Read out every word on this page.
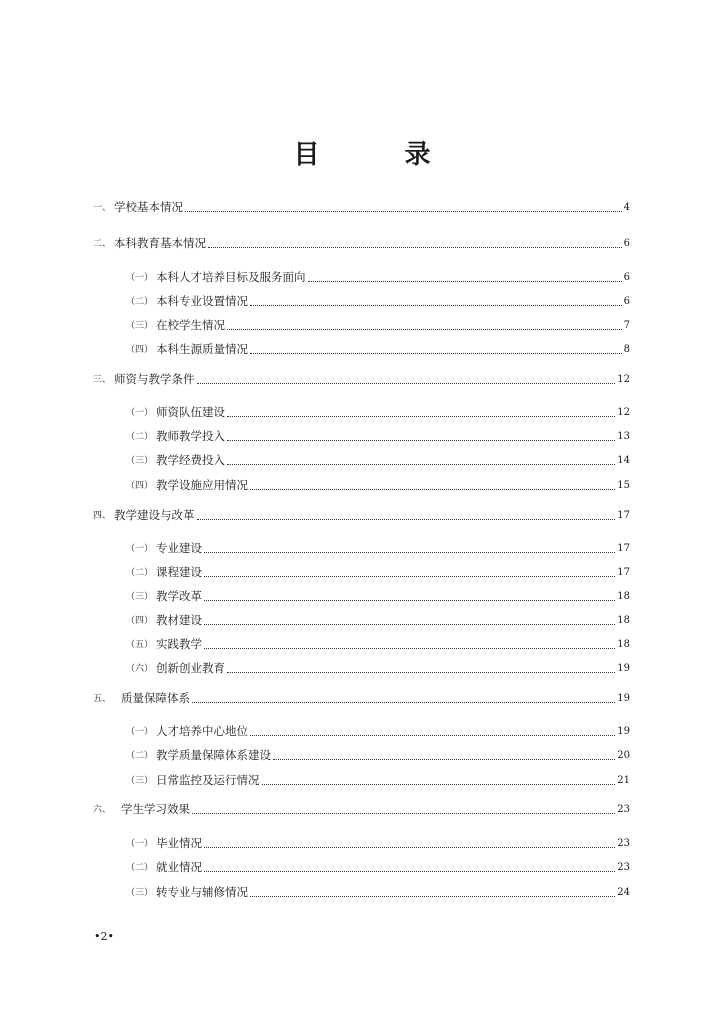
目 录
一、 学校基本情况	4
二、 本科教育基本情况	6
（一） 本科人才培养目标及服务面向	6
（二） 本科专业设置情况	6
（三） 在校学生情况	7
（四） 本科生源质量情况	8
三、 师资与教学条件	12
（一） 师资队伍建设	12
（二） 教师教学投入	13
（三） 教学经费投入	14
（四） 教学设施应用情况	15
四、 教学建设与改革	17
（一） 专业建设	17
（二） 课程建设	17
（三） 教学改革	18
（四） 教材建设	18
（五） 实践教学	18
（六） 创新创业教育	19
五、 质量保障体系	19
（一） 人才培养中心地位	19
（二） 教学质量保障体系建设	20
（三） 日常监控及运行情况	21
六、 学生学习效果	23
（一） 毕业情况	23
（二） 就业情况	23
（三） 转专业与辅修情况	24
•2•
